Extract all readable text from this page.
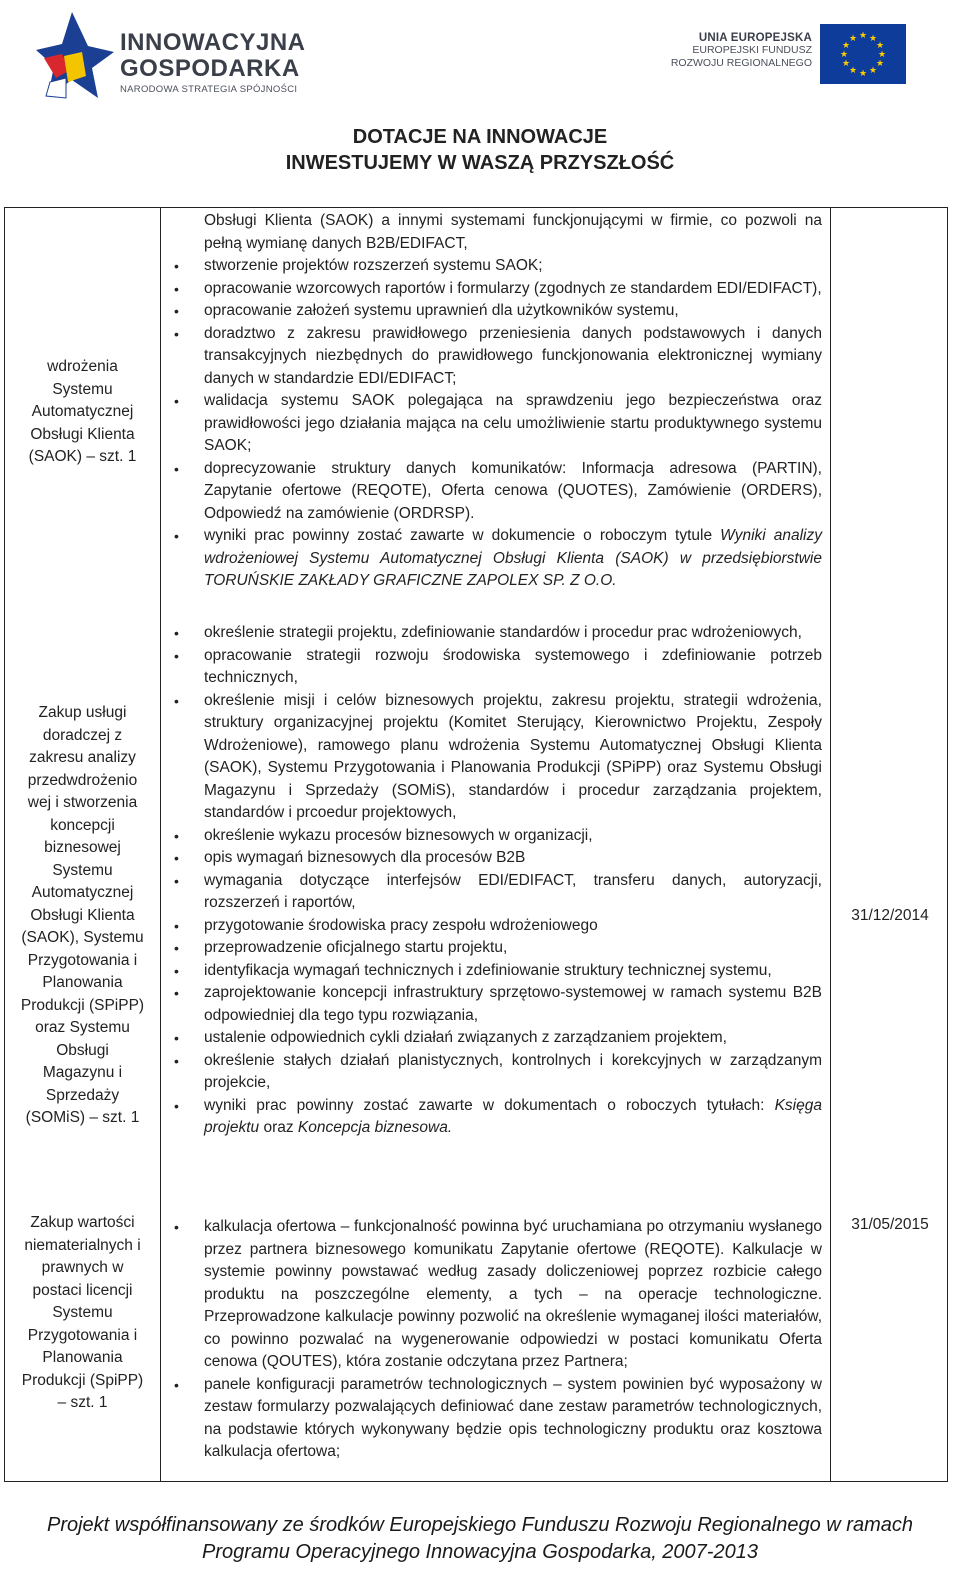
INNOWACYJNA
GOSPODARKA
NARODOWA STRATEGIA SPÓJNOŚCI
UNIA EUROPEJSKA
EUROPEJSKI FUNDUSZ
ROZWOJU REGIONALNEGO
★ ★
★
★
★
★
★
★
★
★
★
★
DOTACJE NA INNOWACJE
INWESTUJEMY W WASZĄ PRZYSZŁOŚĆ
wdrożenia
Systemu
Automatycznej
Obsługi Klienta
(SAOK) – szt. 1
Zakup usługi
doradczej z
zakresu analizy
przedwdrożenio
wej i stworzenia
koncepcji
biznesowej
Systemu
Automatycznej
Obsługi Klienta
(SAOK), Systemu
Przygotowania i
Planowania
Produkcji (SPiPP)
oraz Systemu
Obsługi
Magazynu i
Sprzedaży
(SOMiS) – szt. 1
Zakup wartości
niematerialnych i
prawnych w
postaci licencji
Systemu
Przygotowania i
Planowania
Produkcji (SpiPP)
– szt. 1
31/12/2014
31/05/2015

Obsługi Klienta (SAOK) a innymi systemami funckjonującymi w firmie, co pozwoli na pełną wymianę danych B2B/EDIFACT,

• stworzenie projektów rozszerzeń systemu SAOK;
• opracowanie wzorcowych raportów i formularzy (zgodnych ze standardem EDI/EDIFACT),
• opracowanie założeń systemu uprawnień dla użytkowników systemu,
• doradztwo z zakresu prawidłowego przeniesienia danych podstawowych i danych transakcyjnych niezbędnych do prawidłowego funckjonowania elektronicznej wymiany danych w standardzie EDI/EDIFACT;
• walidacja systemu SAOK polegająca na sprawdzeniu jego bezpieczeństwa oraz prawidłowości jego działania mająca na celu umożliwienie startu produktywnego systemu SAOK;
• doprecyzowanie struktury danych komunikatów: Informacja adresowa (PARTIN), Zapytanie ofertowe (REQOTE), Oferta cenowa (QUOTES), Zamówienie (ORDERS), Odpowiedź na zamówienie (ORDRSP).
• wyniki prac powinny zostać zawarte w dokumencie o roboczym tytule Wyniki analizy wdrożeniowej Systemu Automatycznej Obsługi Klienta (SAOK) w przedsiębiorstwie TORUŃSKIE ZAKŁADY GRAFICZNE ZAPOLEX SP. Z O.O.
• określenie strategii projektu, zdefiniowanie standardów i procedur prac wdrożeniowych,
• opracowanie strategii rozwoju środowiska systemowego i zdefiniowanie potrzeb technicznych,
• określenie misji i celów biznesowych projektu, zakresu projektu, strategii wdrożenia, struktury organizacyjnej projektu (Komitet Sterujący, Kierownictwo Projektu, Zespoły Wdrożeniowe), ramowego planu wdrożenia Systemu Automatycznej Obsługi Klienta (SAOK), Systemu Przygotowania i Planowania Produkcji (SPiPP) oraz Systemu Obsługi Magazynu i Sprzedaży (SOMiS), standardów i procedur zarządzania projektem, standardów i prcoedur projektowych,
• określenie wykazu procesów biznesowych w organizacji,
• opis wymagań biznesowych dla procesów B2B
• wymagania dotyczące interfejsów EDI/EDIFACT, transferu danych, autoryzacji, rozszerzeń i raportów,
• przygotowanie środowiska pracy zespołu wdrożeniowego
• przeprowadzenie oficjalnego startu projektu,
• identyfikacja wymagań technicznych i zdefiniowanie struktury technicznej systemu,
• zaprojektowanie koncepcji infrastruktury sprzętowo-systemowej w ramach systemu B2B odpowiedniej dla tego typu rozwiązania,
• ustalenie odpowiednich cykli działań związanych z zarządzaniem projektem,
• określenie stałych działań planistycznych, kontrolnych i korekcyjnych w zarządzanym projekcie,
• wyniki prac powinny zostać zawarte w dokumentach o roboczych tytułach: Księga projektu oraz Koncepcja biznesowa.
• kalkulacja ofertowa – funkcjonalność powinna być uruchamiana po otrzymaniu wysłanego przez partnera biznesowego komunikatu Zapytanie ofertowe (REQOTE). Kalkulacje w systemie powinny powstawać według zasady doliczeniowej poprzez rozbicie całego produktu na poszczególne elementy, a tych – na operacje technologiczne. Przeprowadzone kalkulacje powinny pozwolić na określenie wymaganej ilości materiałów, co powinno pozwalać na wygenerowanie odpowiedzi w postaci komunikatu Oferta cenowa (QOUTES), która zostanie odczytana przez Partnera;
• panele konfiguracji parametrów technologicznych – system powinien być wyposażony w zestaw formularzy pozwalających definiować dane zestaw parametrów technologicznych, na podstawie których wykonywany będzie opis technologiczny produktu oraz kosztowa kalkulacja ofertowa;
Projekt współfinansowany ze środków Europejskiego Funduszu Rozwoju Regionalnego w ramach
Programu Operacyjnego Innowacyjna Gospodarka, 2007-2013
